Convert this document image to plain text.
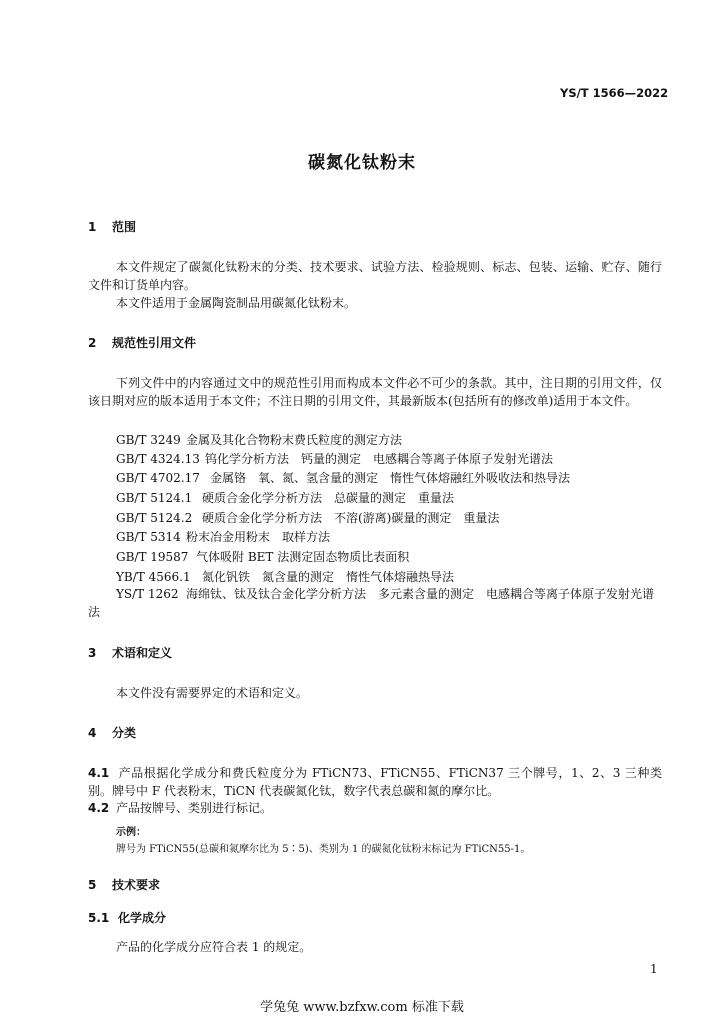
YS/T 1566—2022
碳氮化钛粉末
1 范围
本文件规定了碳氮化钛粉末的分类、技术要求、试验方法、检验规则、标志、包装、运输、贮存、随行文件和订货单内容。
本文件适用于金属陶瓷制品用碳氮化钛粉末。
2 规范性引用文件
下列文件中的内容通过文中的规范性引用而构成本文件必不可少的条款。其中，注日期的引用文件，仅该日期对应的版本适用于本文件；不注日期的引用文件，其最新版本(包括所有的修改单)适用于本文件。
GB/T 3249 金属及其化合物粉末费氏粒度的测定方法
GB/T 4324.13 钨化学分析方法　钙量的测定　电感耦合等离子体原子发射光谱法
GB/T 4702.17 金属铬　氧、氮、氢含量的测定　惰性气体熔融红外吸收法和热导法
GB/T 5124.1 硬质合金化学分析方法　总碳量的测定　重量法
GB/T 5124.2 硬质合金化学分析方法　不溶(游离)碳量的测定　重量法
GB/T 5314 粉末冶金用粉末　取样方法
GB/T 19587 气体吸附 BET 法测定固态物质比表面积
YB/T 4566.1 氮化钒铁　氮含量的测定　惰性气体熔融热导法
YS/T 1262 海绵钛、钛及钛合金化学分析方法　多元素含量的测定　电感耦合等离子体原子发射光谱法
3 术语和定义
本文件没有需要界定的术语和定义。
4 分类
4.1 产品根据化学成分和费氏粒度分为 FTiCN73、FTiCN55、FTiCN37 三个牌号，1、2、3 三种类别。牌号中 F 代表粉末，TiCN 代表碳氮化钛，数字代表总碳和氮的摩尔比。
4.2 产品按牌号、类别进行标记。
示例：
牌号为 FTiCN55(总碳和氮摩尔比为 5∶5)、类别为 1 的碳氮化钛粉末标记为 FTiCN55-1。
5 技术要求
5.1 化学成分
产品的化学成分应符合表 1 的规定。
1
学兔兔 www.bzfxw.com 标准下载
